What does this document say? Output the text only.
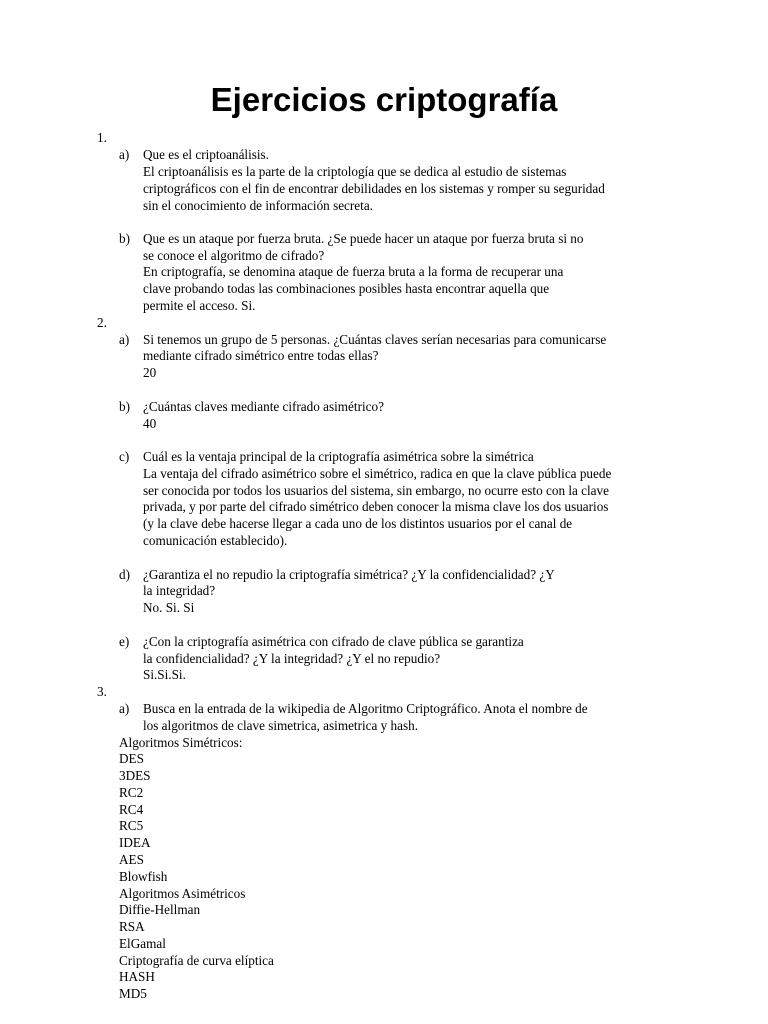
Ejercicios criptografía
1.
a) Que es el criptoanálisis.
El criptoanálisis es la parte de la criptología que se dedica al estudio de sistemas
criptográficos con el fin de encontrar debilidades en los sistemas y romper su seguridad
sin el conocimiento de información secreta.
b) Que es un ataque por fuerza bruta. ¿Se puede hacer un ataque por fuerza bruta si no
se conoce el algoritmo de cifrado?
En criptografía, se denomina ataque de fuerza bruta a la forma de recuperar una
clave probando todas las combinaciones posibles hasta encontrar aquella que
permite el acceso. Si.
2.
a) Si tenemos un grupo de 5 personas. ¿Cuántas claves serían necesarias para comunicarse
mediante cifrado simétrico entre todas ellas?
20
b) ¿Cuántas claves mediante cifrado asimétrico?
40
c) Cuál es la ventaja principal de la criptografía asimétrica sobre la simétrica
La ventaja del cifrado asimétrico sobre el simétrico, radica en que la clave pública puede
ser conocida por todos los usuarios del sistema, sin embargo, no ocurre esto con la clave
privada, y por parte del cifrado simétrico deben conocer la misma clave los dos usuarios
(y la clave debe hacerse llegar a cada uno de los distintos usuarios por el canal de
comunicación establecido).
d) ¿Garantiza el no repudio la criptografía simétrica? ¿Y la confidencialidad? ¿Y
la integridad?
No. Si. Si
e) ¿Con la criptografía asimétrica con cifrado de clave pública se garantiza
la confidencialidad? ¿Y la integridad? ¿Y el no repudio?
Si.Si.Si.
3.
a) Busca en la entrada de la wikipedia de Algoritmo Criptográfico. Anota el nombre de
los algoritmos de clave simetrica, asimetrica y hash.
Algoritmos Simétricos:
DES
3DES
RC2
RC4
RC5
IDEA
AES
Blowfish
Algoritmos Asimétricos
Diffie-Hellman
RSA
ElGamal
Criptografía de curva elíptica
HASH
MD5
